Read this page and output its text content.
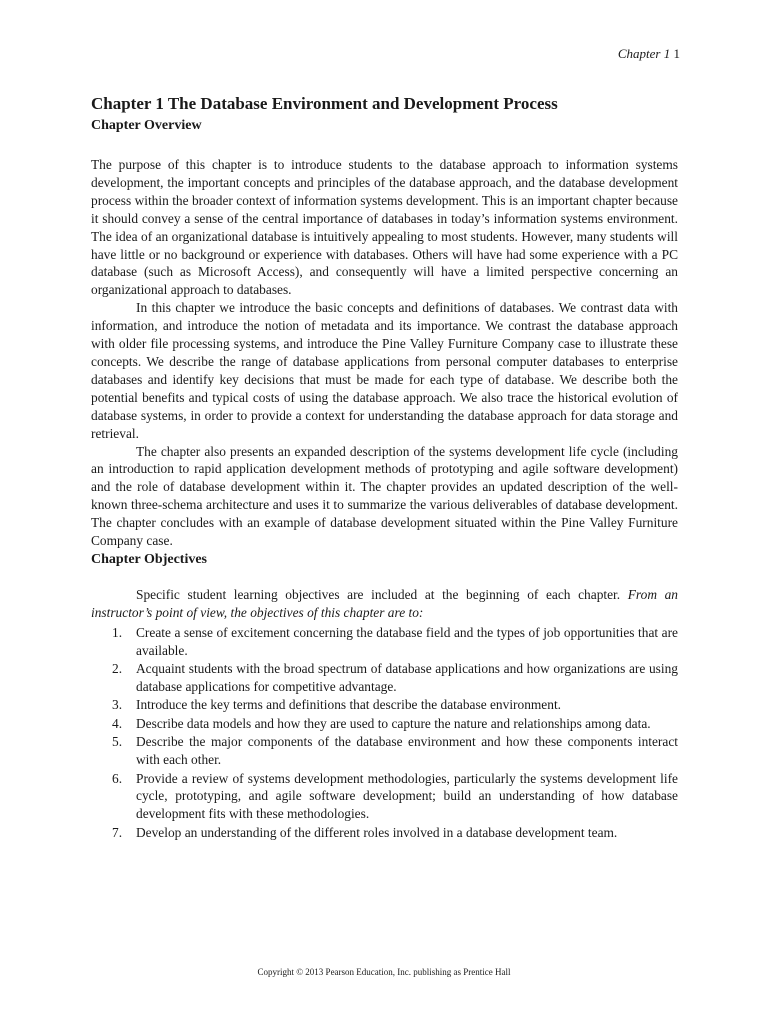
Chapter 1 1
Chapter 1 The Database Environment and Development Process
Chapter Overview

The purpose of this chapter is to introduce students to the database approach to information systems development, the important concepts and principles of the database approach, and the database development process within the broader context of information systems development. This is an important chapter because it should convey a sense of the central importance of databases in today’s information systems environment. The idea of an organizational database is intuitively appealing to most students. However, many students will have little or no background or experience with databases. Others will have had some experience with a PC database (such as Microsoft Access), and consequently will have a limited perspective concerning an organizational approach to databases.

In this chapter we introduce the basic concepts and definitions of databases. We contrast data with information, and introduce the notion of metadata and its importance. We contrast the database approach with older file processing systems, and introduce the Pine Valley Furniture Company case to illustrate these concepts. We describe the range of database applications from personal computer databases to enterprise databases and identify key decisions that must be made for each type of database. We describe both the potential benefits and typical costs of using the database approach. We also trace the historical evolution of database systems, in order to provide a context for understanding the database approach for data storage and retrieval.

The chapter also presents an expanded description of the systems development life cycle (including an introduction to rapid application development methods of prototyping and agile software development) and the role of database development within it. The chapter provides an updated description of the well-known three-schema architecture and uses it to summarize the various deliverables of database development. The chapter concludes with an example of database development situated within the Pine Valley Furniture Company case.

Chapter Objectives

Specific student learning objectives are included at the beginning of each chapter. From an instructor’s point of view, the objectives of this chapter are to:

1. Create a sense of excitement concerning the database field and the types of job opportunities that are available.
2. Acquaint students with the broad spectrum of database applications and how organizations are using database applications for competitive advantage.
3. Introduce the key terms and definitions that describe the database environment.
4. Describe data models and how they are used to capture the nature and relationships among data.
5. Describe the major components of the database environment and how these components interact with each other.
6. Provide a review of systems development methodologies, particularly the systems development life cycle, prototyping, and agile software development; build an understanding of how database development fits with these methodologies.
7. Develop an understanding of the different roles involved in a database development team.
Copyright © 2013 Pearson Education, Inc. publishing as Prentice Hall
